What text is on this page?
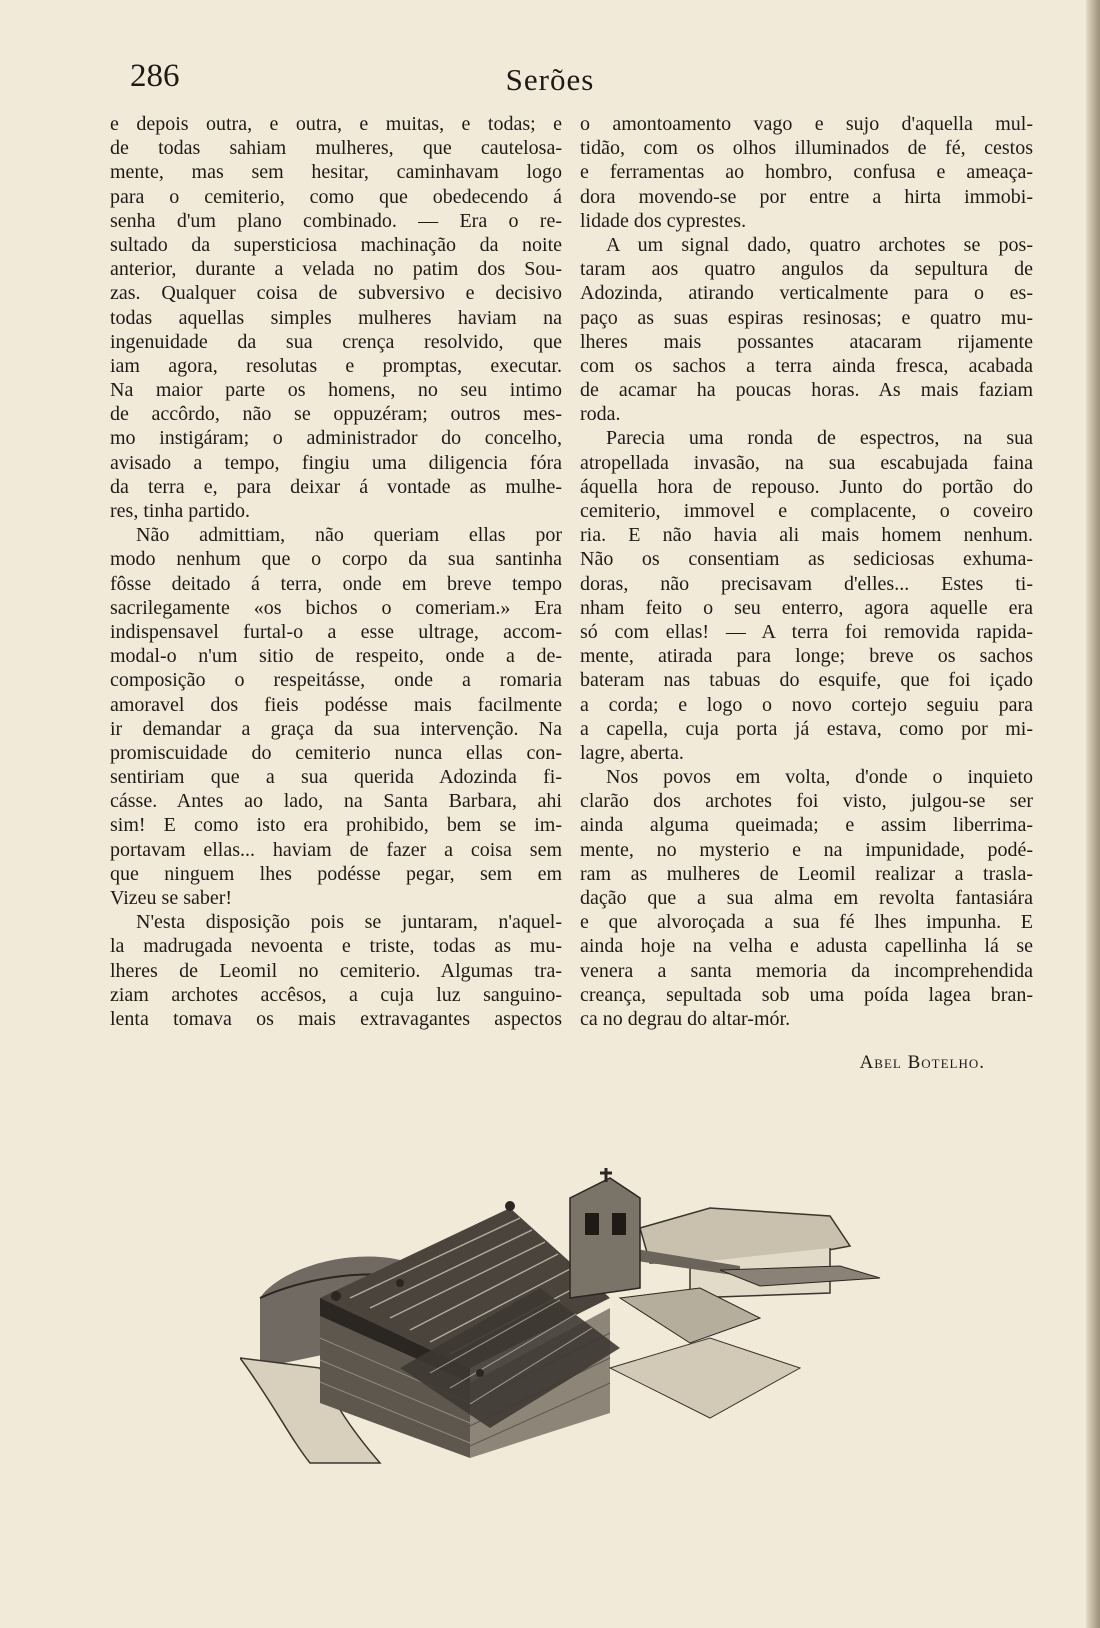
286	Serões
e depois outra, e outra, e muitas, e todas; e
de todas sahiam mulheres, que cautelosa-
mente, mas sem hesitar, caminhavam logo
para o cemiterio, como que obedecendo á
senha d'um plano combinado. — Era o re-
sultado da supersticiosa machinação da noite
anterior, durante a velada no patim dos Sou-
zas. Qualquer coisa de subversivo e decisivo
todas aquellas simples mulheres haviam na
ingenuidade da sua crença resolvido, que
iam agora, resolutas e promptas, executar.
Na maior parte os homens, no seu intimo
de accôrdo, não se oppuzéram; outros mes-
mo instigáram; o administrador do concelho,
avisado a tempo, fingiu uma diligencia fóra
da terra e, para deixar á vontade as mulhe-
res, tinha partido.
Não admittiam, não queriam ellas por
modo nenhum que o corpo da sua santinha
fôsse deitado á terra, onde em breve tempo
sacrilegamente «os bichos o comeriam.» Era
indispensavel furtal-o a esse ultrage, accom-
modal-o n'um sitio de respeito, onde a de-
composição o respeitásse, onde a romaria
amoravel dos fieis podésse mais facilmente
ir demandar a graça da sua intervenção. Na
promiscuidade do cemiterio nunca ellas con-
sentiriam que a sua querida Adozinda fi-
cásse. Antes ao lado, na Santa Barbara, ahi
sim! E como isto era prohibido, bem se im-
portavam ellas... haviam de fazer a coisa sem
que ninguem lhes podésse pegar, sem em
Vizeu se saber!
N'esta disposição pois se juntaram, n'aquel-
la madrugada nevoenta e triste, todas as mu-
lheres de Leomil no cemiterio. Algumas tra-
ziam archotes accêsos, a cuja luz sanguino-
lenta tomava os mais extravagantes aspectos
o amontoamento vago e sujo d'aquella mul-
tidão, com os olhos illuminados de fé, cestos
e ferramentas ao hombro, confusa e ameaça-
dora movendo-se por entre a hirta immobi-
lidade dos cyprestes.
A um signal dado, quatro archotes se pos-
taram aos quatro angulos da sepultura de
Adozinda, atirando verticalmente para o es-
paço as suas espiras resinosas; e quatro mu-
lheres mais possantes atacaram rijamente
com os sachos a terra ainda fresca, acabada
de acamar ha poucas horas. As mais faziam
roda.
Parecia uma ronda de espectros, na sua
atropellada invasão, na sua escabujada faina
áquella hora de repouso. Junto do portão do
cemiterio, immovel e complacente, o coveiro
ria. E não havia ali mais homem nenhum.
Não os consentiam as sediciosas exhuma-
doras, não precisavam d'elles... Estes ti-
nham feito o seu enterro, agora aquelle era
só com ellas! — A terra foi removida rapida-
mente, atirada para longe; breve os sachos
bateram nas tabuas do esquife, que foi içado
a corda; e logo o novo cortejo seguiu para
a capella, cuja porta já estava, como por mi-
lagre, aberta.
Nos povos em volta, d'onde o inquieto
clarão dos archotes foi visto, julgou-se ser
ainda alguma queimada; e assim liberrima-
mente, no mysterio e na impunidade, podé-
ram as mulheres de Leomil realizar a trasla-
dação que a sua alma em revolta fantasiára
e que alvoroçada a sua fé lhes impunha. E
ainda hoje na velha e adusta capellinha lá se
venera a santa memoria da incomprehendida
creança, sepultada sob uma poída lagea bran-
ca no degrau do altar-mór.
Abel Botelho.
